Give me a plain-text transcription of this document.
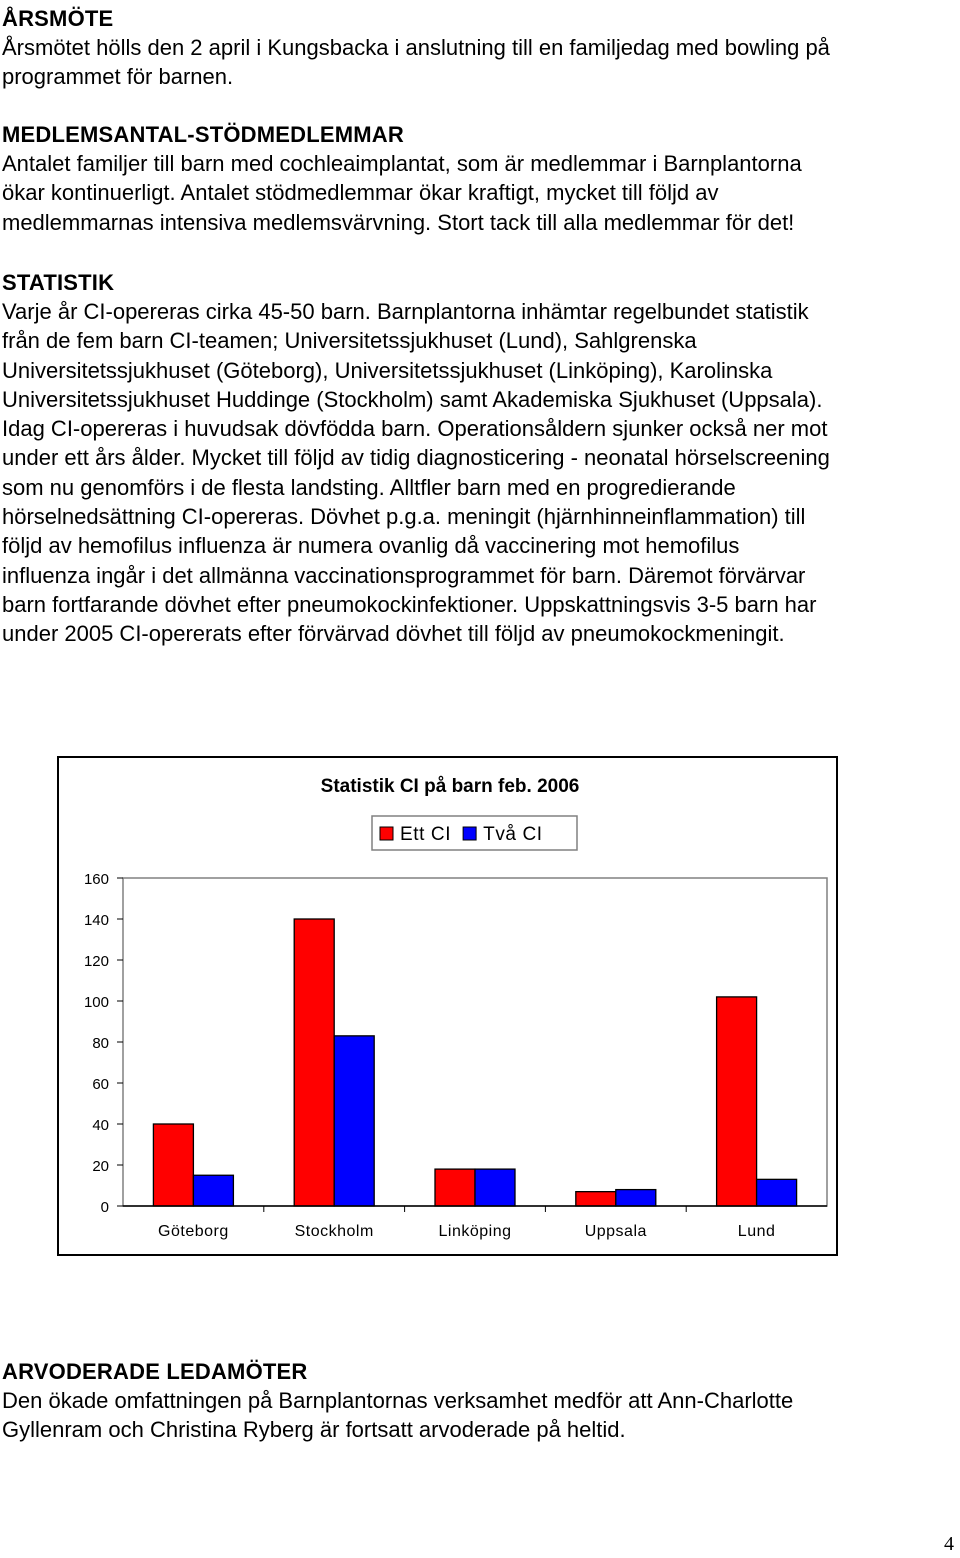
ÅRSMÖTE

Årsmötet hölls den 2 april i Kungsbacka i anslutning till en familjedag med bowling på
programmet för barnen.

MEDLEMSANTAL-STÖDMEDLEMMAR

Antalet familjer till barn med cochleaimplantat, som är medlemmar i Barnplantorna
ökar kontinuerligt. Antalet stödmedlemmar ökar kraftigt, mycket till följd av
medlemmarnas intensiva medlemsvärvning. Stort tack till alla medlemmar för det!

STATISTIK

Varje år CI-opereras cirka 45-50 barn. Barnplantorna inhämtar regelbundet statistik
från de fem barn CI-teamen; Universitetssjukhuset (Lund), Sahlgrenska
Universitetssjukhuset (Göteborg), Universitetssjukhuset (Linköping), Karolinska
Universitetssjukhuset Huddinge (Stockholm) samt Akademiska Sjukhuset (Uppsala).
Idag CI-opereras i huvudsak dövfödda barn. Operationsåldern sjunker också ner mot
under ett års ålder. Mycket till följd av tidig diagnosticering - neonatal hörselscreening
som nu genomförs i de flesta landsting. Alltfler barn med en progredierande
hörselnedsättning CI-opereras. Dövhet p.g.a. meningit (hjärnhinneinflammation) till
följd av hemofilus influenza är numera ovanlig då vaccinering mot hemofilus
influenza ingår i det allmänna vaccinationsprogrammet för barn. Däremot förvärvar
barn fortfarande dövhet efter pneumokockinfektioner. Uppskattningsvis 3-5 barn har
under 2005 CI-opererats efter förvärvad dövhet till följd av pneumokockmeningit.

Statistik CI på barn feb. 2006
Ett CI Två CI
0
20
40
60
80
100
120
140
160
Göteborg	Stockholm	Linköping	Uppsala	Lund
ARVODERADE LEDAMÖTER

Den ökade omfattningen på Barnplantornas verksamhet medför att Ann-Charlotte
Gyllenram och Christina Ryberg är fortsatt arvoderade på heltid.

4
